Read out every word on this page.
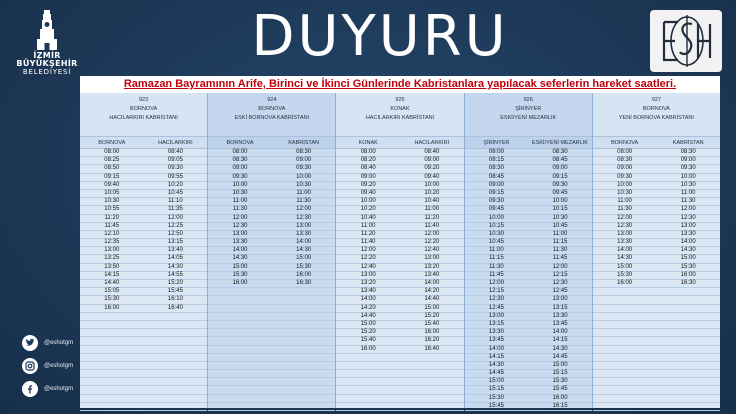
İZMİR
BÜYÜKŞEHİR
BELEDİYESİ
@eshotgm
@eshotgm
@eshotgm
DUYURU
Ramazan Bayramının Arife, Birinci ve İkinci Günlerinde Kabristanlara yapılacak seferlerin hareket saatleri.
923
BORNOVA
HACILARKIRI KABRİSTANI
BORNOVA	HACILARKIRI
08:00	08:40
08:25	09:05
08:50	09:30
09:15	09:55
09:40	10:20
10:05	10:45
10:30	11:10
10:55	11:35
11:20	12:00
11:45	12:25
12:10	12:50
12:35	13:15
13:00	13:40
13:25	14:05
13:50	14:30
14:15	14:55
14:40	15:20
15:05	15:45
15:30	16:10
16:00	16:40
924
BORNOVA
ESKİ BORNOVA KABRİSTANI
BORNOVA	KABRİSTAN
08:00	08:30
08:30	09:00
09:00	09:30
09:30	10:00
10:00	10:30
10:30	11:00
11:00	11:30
11:30	12:00
12:00	12:30
12:30	13:00
13:00	13:30
13:30	14:00
14:00	14:30
14:30	15:00
15:00	15:30
15:30	16:00
16:00	16:30
925
KONAK
HACILARKIRI KABRİSTANI
KONAK	HACILARKIRI
08:00	08:40
08:20	09:00
08:40	09:20
09:00	09:40
09:20	10:00
09:40	10:20
10:00	10:40
10:20	11:00
10:40	11:20
11:00	11:40
11:20	12:00
11:40	12:20
12:00	12:40
12:20	13:00
12:40	13:20
13:00	13:40
13:20	14:00
13:40	14:20
14:00	14:40
14:20	15:00
14:40	15:20
15:00	15:40
15:20	16:00
15:40	16:20
16:00	16:40
926
ŞİRİNYER
ESKİ/YENİ MEZARLIK
ŞİRİNYER	ESKİ/YENİ MEZARLIK
08:00	08:30
08:15	08:45
08:30	09:00
08:45	09:15
09:00	09:30
09:15	09:45
09:30	10:00
09:45	10:15
10:00	10:30
10:15	10:45
10:30	11:00
10:45	11:15
11:00	11:30
11:15	11:45
11:30	12:00
11:45	12:15
12:00	12:30
12:15	12:45
12:30	13:00
12:45	13:15
13:00	13:30
13:15	13:45
13:30	14:00
13:45	14:15
14:00	14:30
14:15	14:45
14:30	15:00
14:45	15:15
15:00	15:30
15:15	15:45
15:30	16:00
15:45	16:15
927
BORNOVA
YENİ BORNOVA KABRİSTANI
BORNOVA	KABRİSTAN
08:00	08:30
08:30	09:00
09:00	09:30
09:30	10:00
10:00	10:30
10:30	11:00
11:00	11:30
11:30	12:00
12:00	12:30
12:30	13:00
13:00	13:30
13:30	14:00
14:00	14:30
14:30	15:00
15:00	15:30
15:30	16:00
16:00	16:30
